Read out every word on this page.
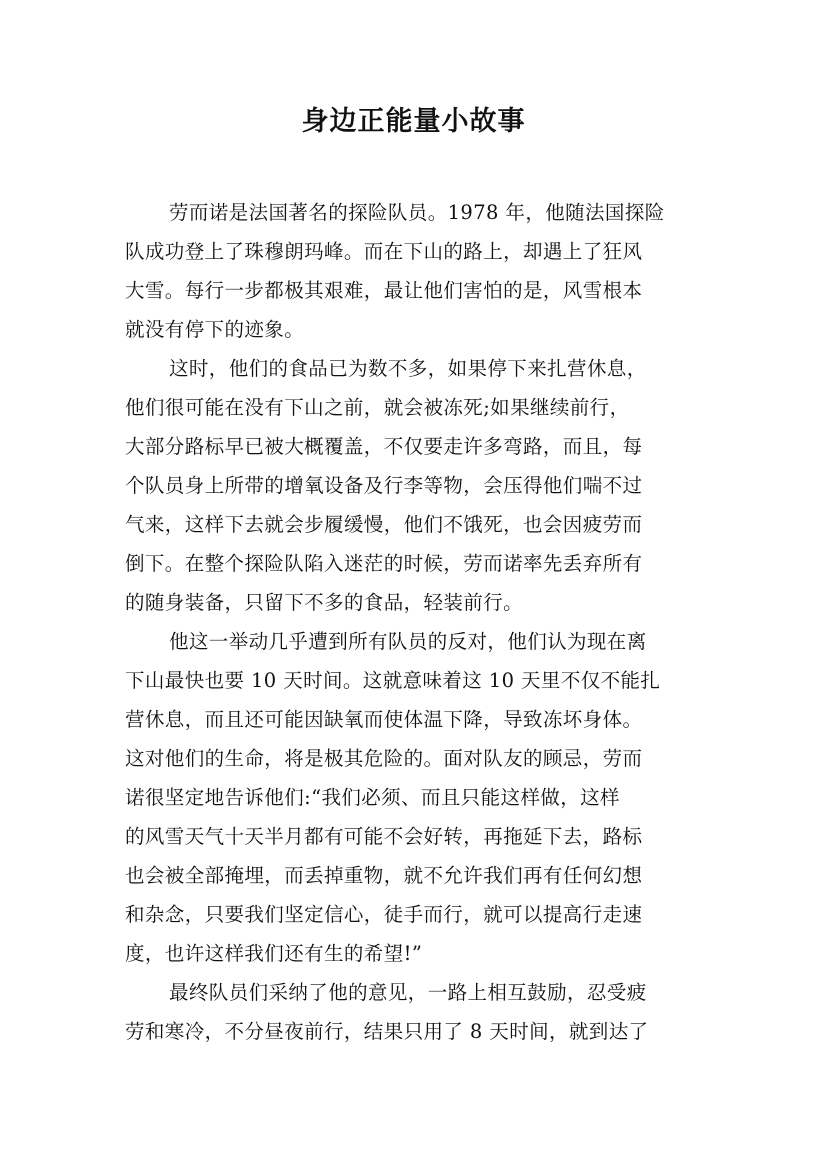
身边正能量小故事
劳而诺是法国著名的探险队员。1978 年，他随法国探险
队成功登上了珠穆朗玛峰。而在下山的路上，却遇上了狂风
大雪。每行一步都极其艰难，最让他们害怕的是，风雪根本
就没有停下的迹象。
这时，他们的食品已为数不多，如果停下来扎营休息，
他们很可能在没有下山之前，就会被冻死;如果继续前行，
大部分路标早已被大概覆盖，不仅要走许多弯路，而且，每
个队员身上所带的增氧设备及行李等物，会压得他们喘不过
气来，这样下去就会步履缓慢，他们不饿死，也会因疲劳而
倒下。在整个探险队陷入迷茫的时候，劳而诺率先丢弃所有
的随身装备，只留下不多的食品，轻装前行。
他这一举动几乎遭到所有队员的反对，他们认为现在离
下山最快也要 10 天时间。这就意味着这 10 天里不仅不能扎
营休息，而且还可能因缺氧而使体温下降，导致冻坏身体。
这对他们的生命，将是极其危险的。面对队友的顾忌，劳而
诺很坚定地告诉他们:“我们必须、而且只能这样做，这样
的风雪天气十天半月都有可能不会好转，再拖延下去，路标
也会被全部掩埋，而丢掉重物，就不允许我们再有任何幻想
和杂念，只要我们坚定信心，徒手而行，就可以提高行走速
度，也许这样我们还有生的希望!”
最终队员们采纳了他的意见，一路上相互鼓励，忍受疲
劳和寒冷，不分昼夜前行，结果只用了 8 天时间，就到达了
